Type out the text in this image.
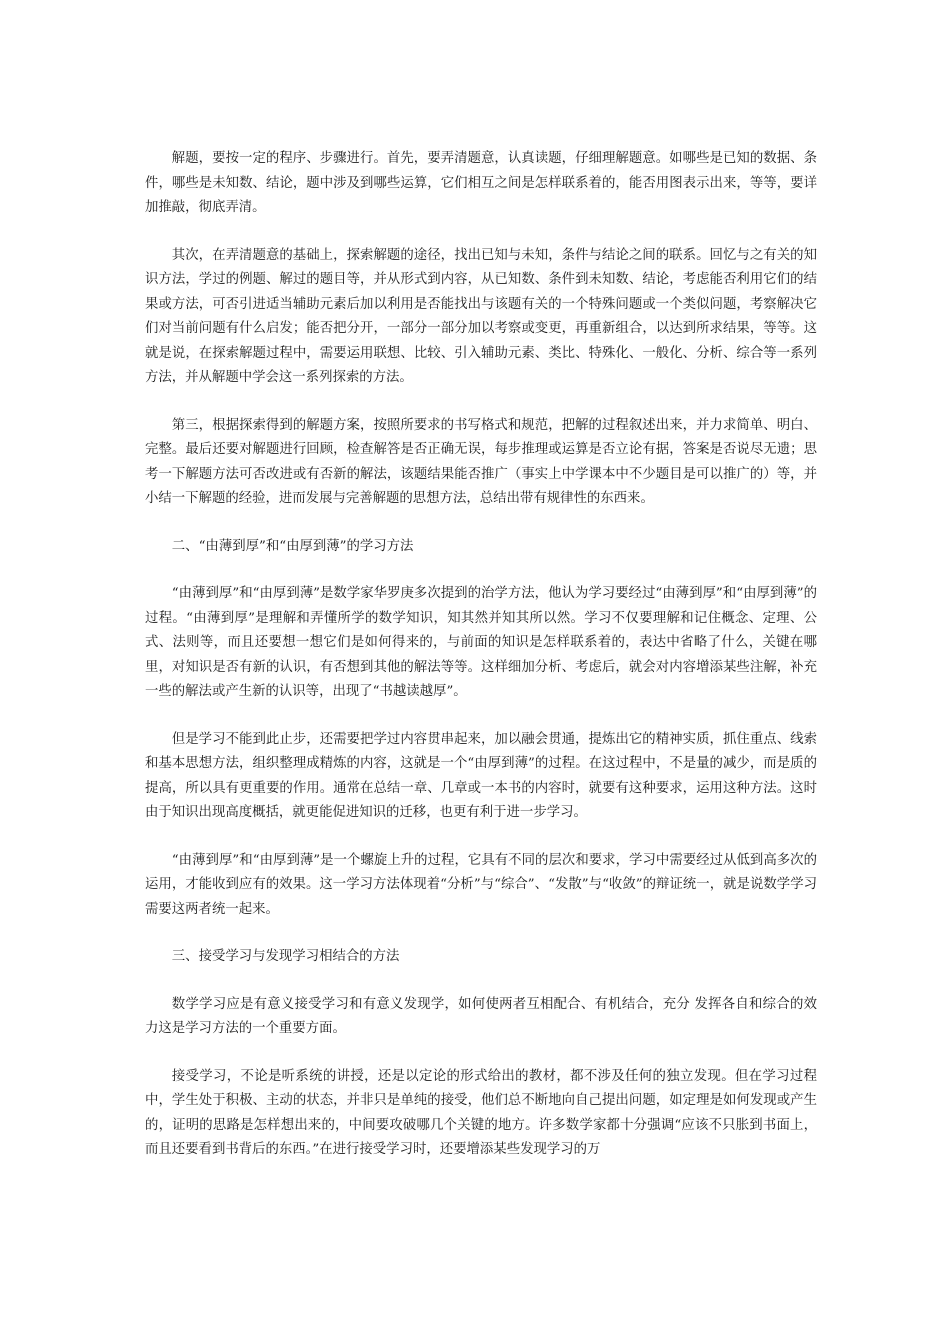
解题，要按一定的程序、步骤进行。首先，要弄清题意，认真读题，仔细理解题意。如哪些是已知的数据、条件，哪些是未知数、结论，题中涉及到哪些运算，它们相互之间是怎样联系着的，能否用图表示出来，等等，要详加推敲，彻底弄清。

其次，在弄清题意的基础上，探索解题的途径，找出已知与未知，条件与结论之间的联系。回忆与之有关的知识方法，学过的例题、解过的题目等，并从形式到内容，从已知数、条件到未知数、结论，考虑能否利用它们的结果或方法，可否引进适当辅助元素后加以利用是否能找出与该题有关的一个特殊问题或一个类似问题，考察解决它们对当前问题有什么启发；能否把分开，一部分一部分加以考察或变更，再重新组合，以达到所求结果，等等。这就是说，在探索解题过程中，需要运用联想、比较、引入辅助元素、类比、特殊化、一般化、分析、综合等一系列方法，并从解题中学会这一系列探索的方法。

第三，根据探索得到的解题方案，按照所要求的书写格式和规范，把解的过程叙述出来，并力求简单、明白、完整。最后还要对解题进行回顾，检查解答是否正确无误，每步推理或运算是否立论有据，答案是否说尽无遗；思考一下解题方法可否改进或有否新的解法，该题结果能否推广（事实上中学课本中不少题目是可以推广的）等，并小结一下解题的经验，进而发展与完善解题的思想方法，总结出带有规律性的东西来。

二、“由薄到厚”和“由厚到薄”的学习方法

“由薄到厚”和“由厚到薄”是数学家华罗庚多次提到的治学方法，他认为学习要经过“由薄到厚”和“由厚到薄”的过程。“由薄到厚”是理解和弄懂所学的数学知识，知其然并知其所以然。学习不仅要理解和记住概念、定理、公式、法则等，而且还要想一想它们是如何得来的，与前面的知识是怎样联系着的，表达中省略了什么，关键在哪里，对知识是否有新的认识，有否想到其他的解法等等。这样细加分析、考虑后，就会对内容增添某些注解，补充一些的解法或产生新的认识等，出现了“书越读越厚”。

但是学习不能到此止步，还需要把学过内容贯串起来，加以融会贯通，提炼出它的精神实质，抓住重点、线索和基本思想方法，组织整理成精炼的内容，这就是一个“由厚到薄”的过程。在这过程中，不是量的减少，而是质的提高，所以具有更重要的作用。通常在总结一章、几章或一本书的内容时，就要有这种要求，运用这种方法。这时由于知识出现高度概括，就更能促进知识的迁移，也更有利于进一步学习。

“由薄到厚”和“由厚到薄”是一个螺旋上升的过程，它具有不同的层次和要求，学习中需要经过从低到高多次的运用，才能收到应有的效果。这一学习方法体现着“分析”与“综合”、“发散”与“收敛”的辩证统一，就是说数学学习需要这两者统一起来。

三、接受学习与发现学习相结合的方法

数学学习应是有意义接受学习和有意义发现学，如何使两者互相配合、有机结合，充分 发挥各自和综合的效力这是学习方法的一个重要方面。

接受学习，不论是听系统的讲授，还是以定论的形式给出的教材，都不涉及任何的独立发现。但在学习过程中，学生处于积极、主动的状态，并非只是单纯的接受，他们总不断地向自己提出问题，如定理是如何发现或产生的，证明的思路是怎样想出来的，中间要攻破哪几个关键的地方。许多数学家都十分强调“应该不只胀到书面上，而且还要看到书背后的东西。”在进行接受学习时，还要增添某些发现学习的万
